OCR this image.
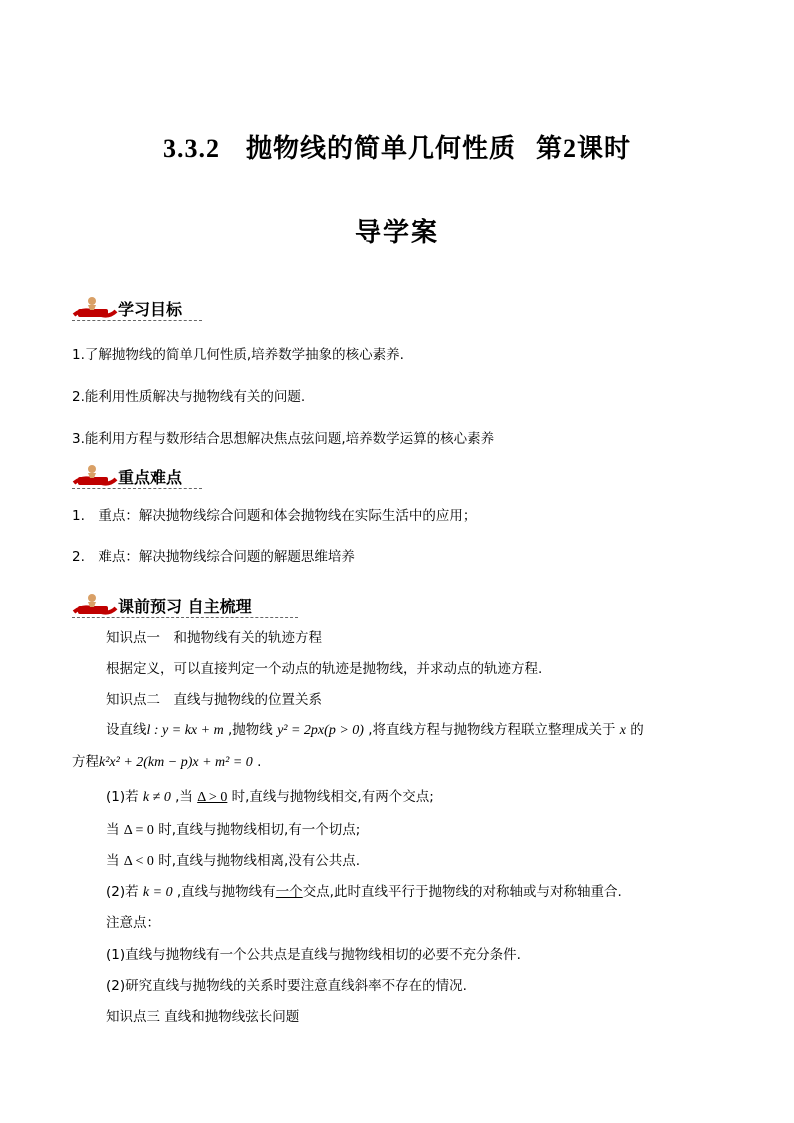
3.3.2 抛物线的简单几何性质 第2课时
导学案
学习目标
1.了解抛物线的简单几何性质,培养数学抽象的核心素养.
2.能利用性质解决与抛物线有关的问题.
3.能利用方程与数形结合思想解决焦点弦问题,培养数学运算的核心素养
重点难点
1.　重点：解决抛物线综合问题和体会抛物线在实际生活中的应用；
2.　难点：解决抛物线综合问题的解题思维培养
课前预习 自主梳理
知识点一　和抛物线有关的轨迹方程
根据定义，可以直接判定一个动点的轨迹是抛物线，并求动点的轨迹方程.
知识点二　直线与抛物线的位置关系
设直线l : y = kx + m ,抛物线 y² = 2px(p > 0) ,将直线方程与抛物线方程联立整理成关于 x 的
方程k²x² + 2(km − p)x + m² = 0 .
(1)若 k ≠ 0 ,当 Δ > 0 时,直线与抛物线相交,有两个交点;
当 Δ = 0 时,直线与抛物线相切,有一个切点;
当 Δ < 0 时,直线与抛物线相离,没有公共点.
(2)若 k = 0 ,直线与抛物线有一个交点,此时直线平行于抛物线的对称轴或与对称轴重合.
注意点：
(1)直线与抛物线有一个公共点是直线与抛物线相切的必要不充分条件.
(2)研究直线与抛物线的关系时要注意直线斜率不存在的情况.
知识点三 直线和抛物线弦长问题
